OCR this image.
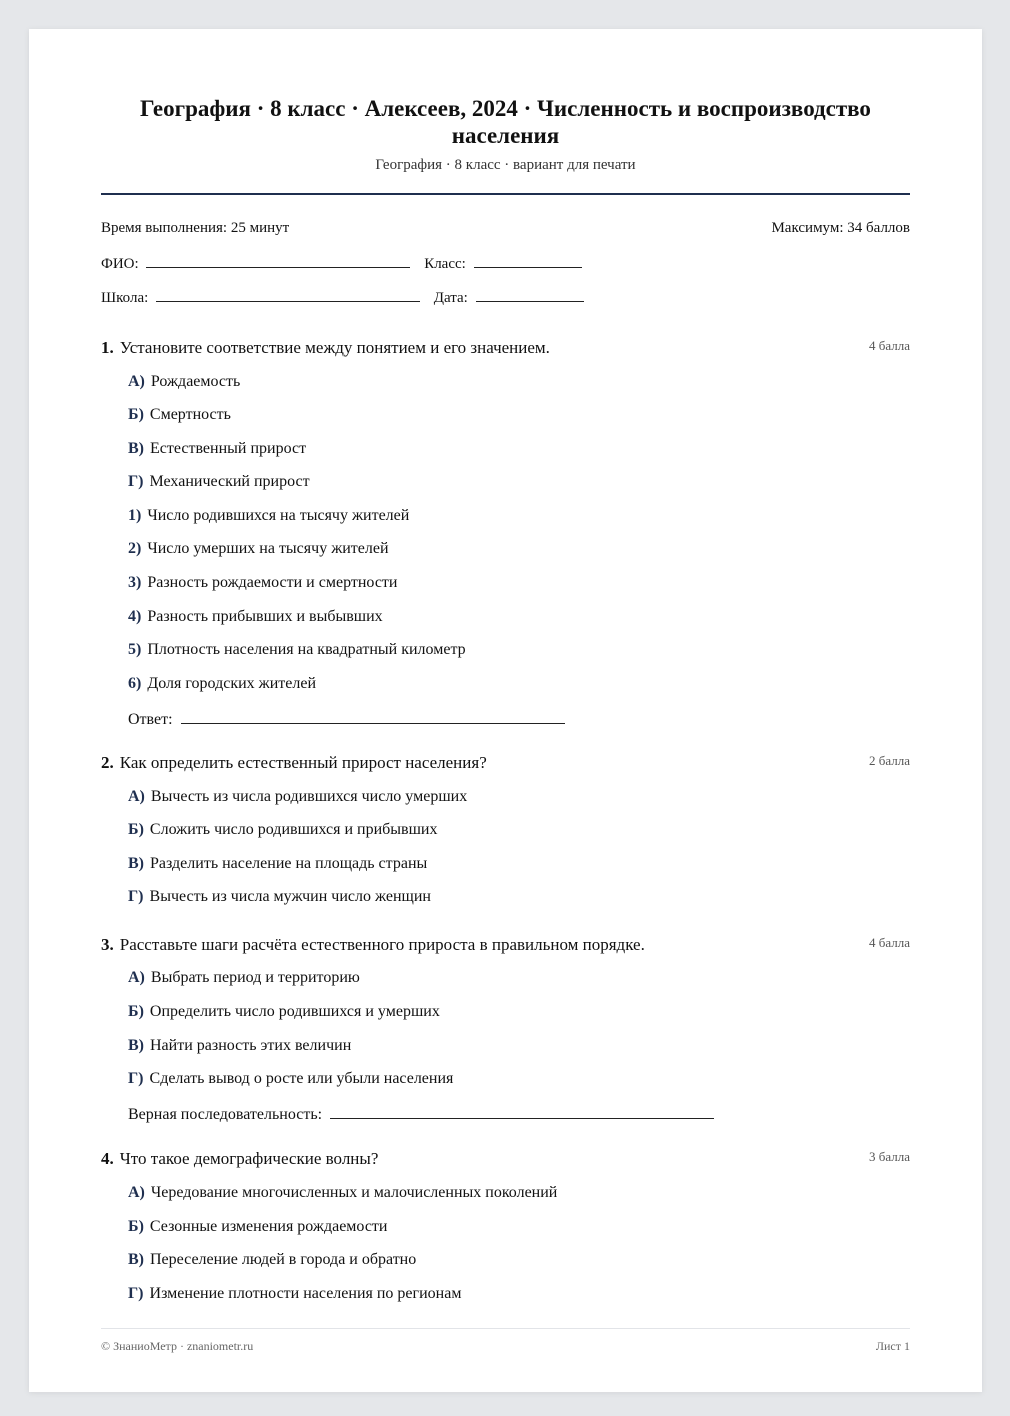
География · 8 класс · Алексеев, 2024 · Численность и воспроизводство населения
География · 8 класс · вариант для печати
Время выполнения: 25 минут	Максимум: 34 баллов
ФИО:	Класс:
Школа:	Дата:
1. Установите соответствие между понятием и его значением.	4 балла
А) Рождаемость
Б) Смертность
В) Естественный прирост
Г) Механический прирост
1) Число родившихся на тысячу жителей
2) Число умерших на тысячу жителей
3) Разность рождаемости и смертности
4) Разность прибывших и выбывших
5) Плотность населения на квадратный километр
6) Доля городских жителей
Ответ:
2. Как определить естественный прирост населения?	2 балла
А) Вычесть из числа родившихся число умерших
Б) Сложить число родившихся и прибывших
В) Разделить население на площадь страны
Г) Вычесть из числа мужчин число женщин
3. Расставьте шаги расчёта естественного прироста в правильном порядке.	4 балла
А) Выбрать период и территорию
Б) Определить число родившихся и умерших
В) Найти разность этих величин
Г) Сделать вывод о росте или убыли населения
Верная последовательность:
4. Что такое демографические волны?	3 балла
А) Чередование многочисленных и малочисленных поколений
Б) Сезонные изменения рождаемости
В) Переселение людей в города и обратно
Г) Изменение плотности населения по регионам
© ЗнаниоМетр · znaniometr.ru	Лист 1
